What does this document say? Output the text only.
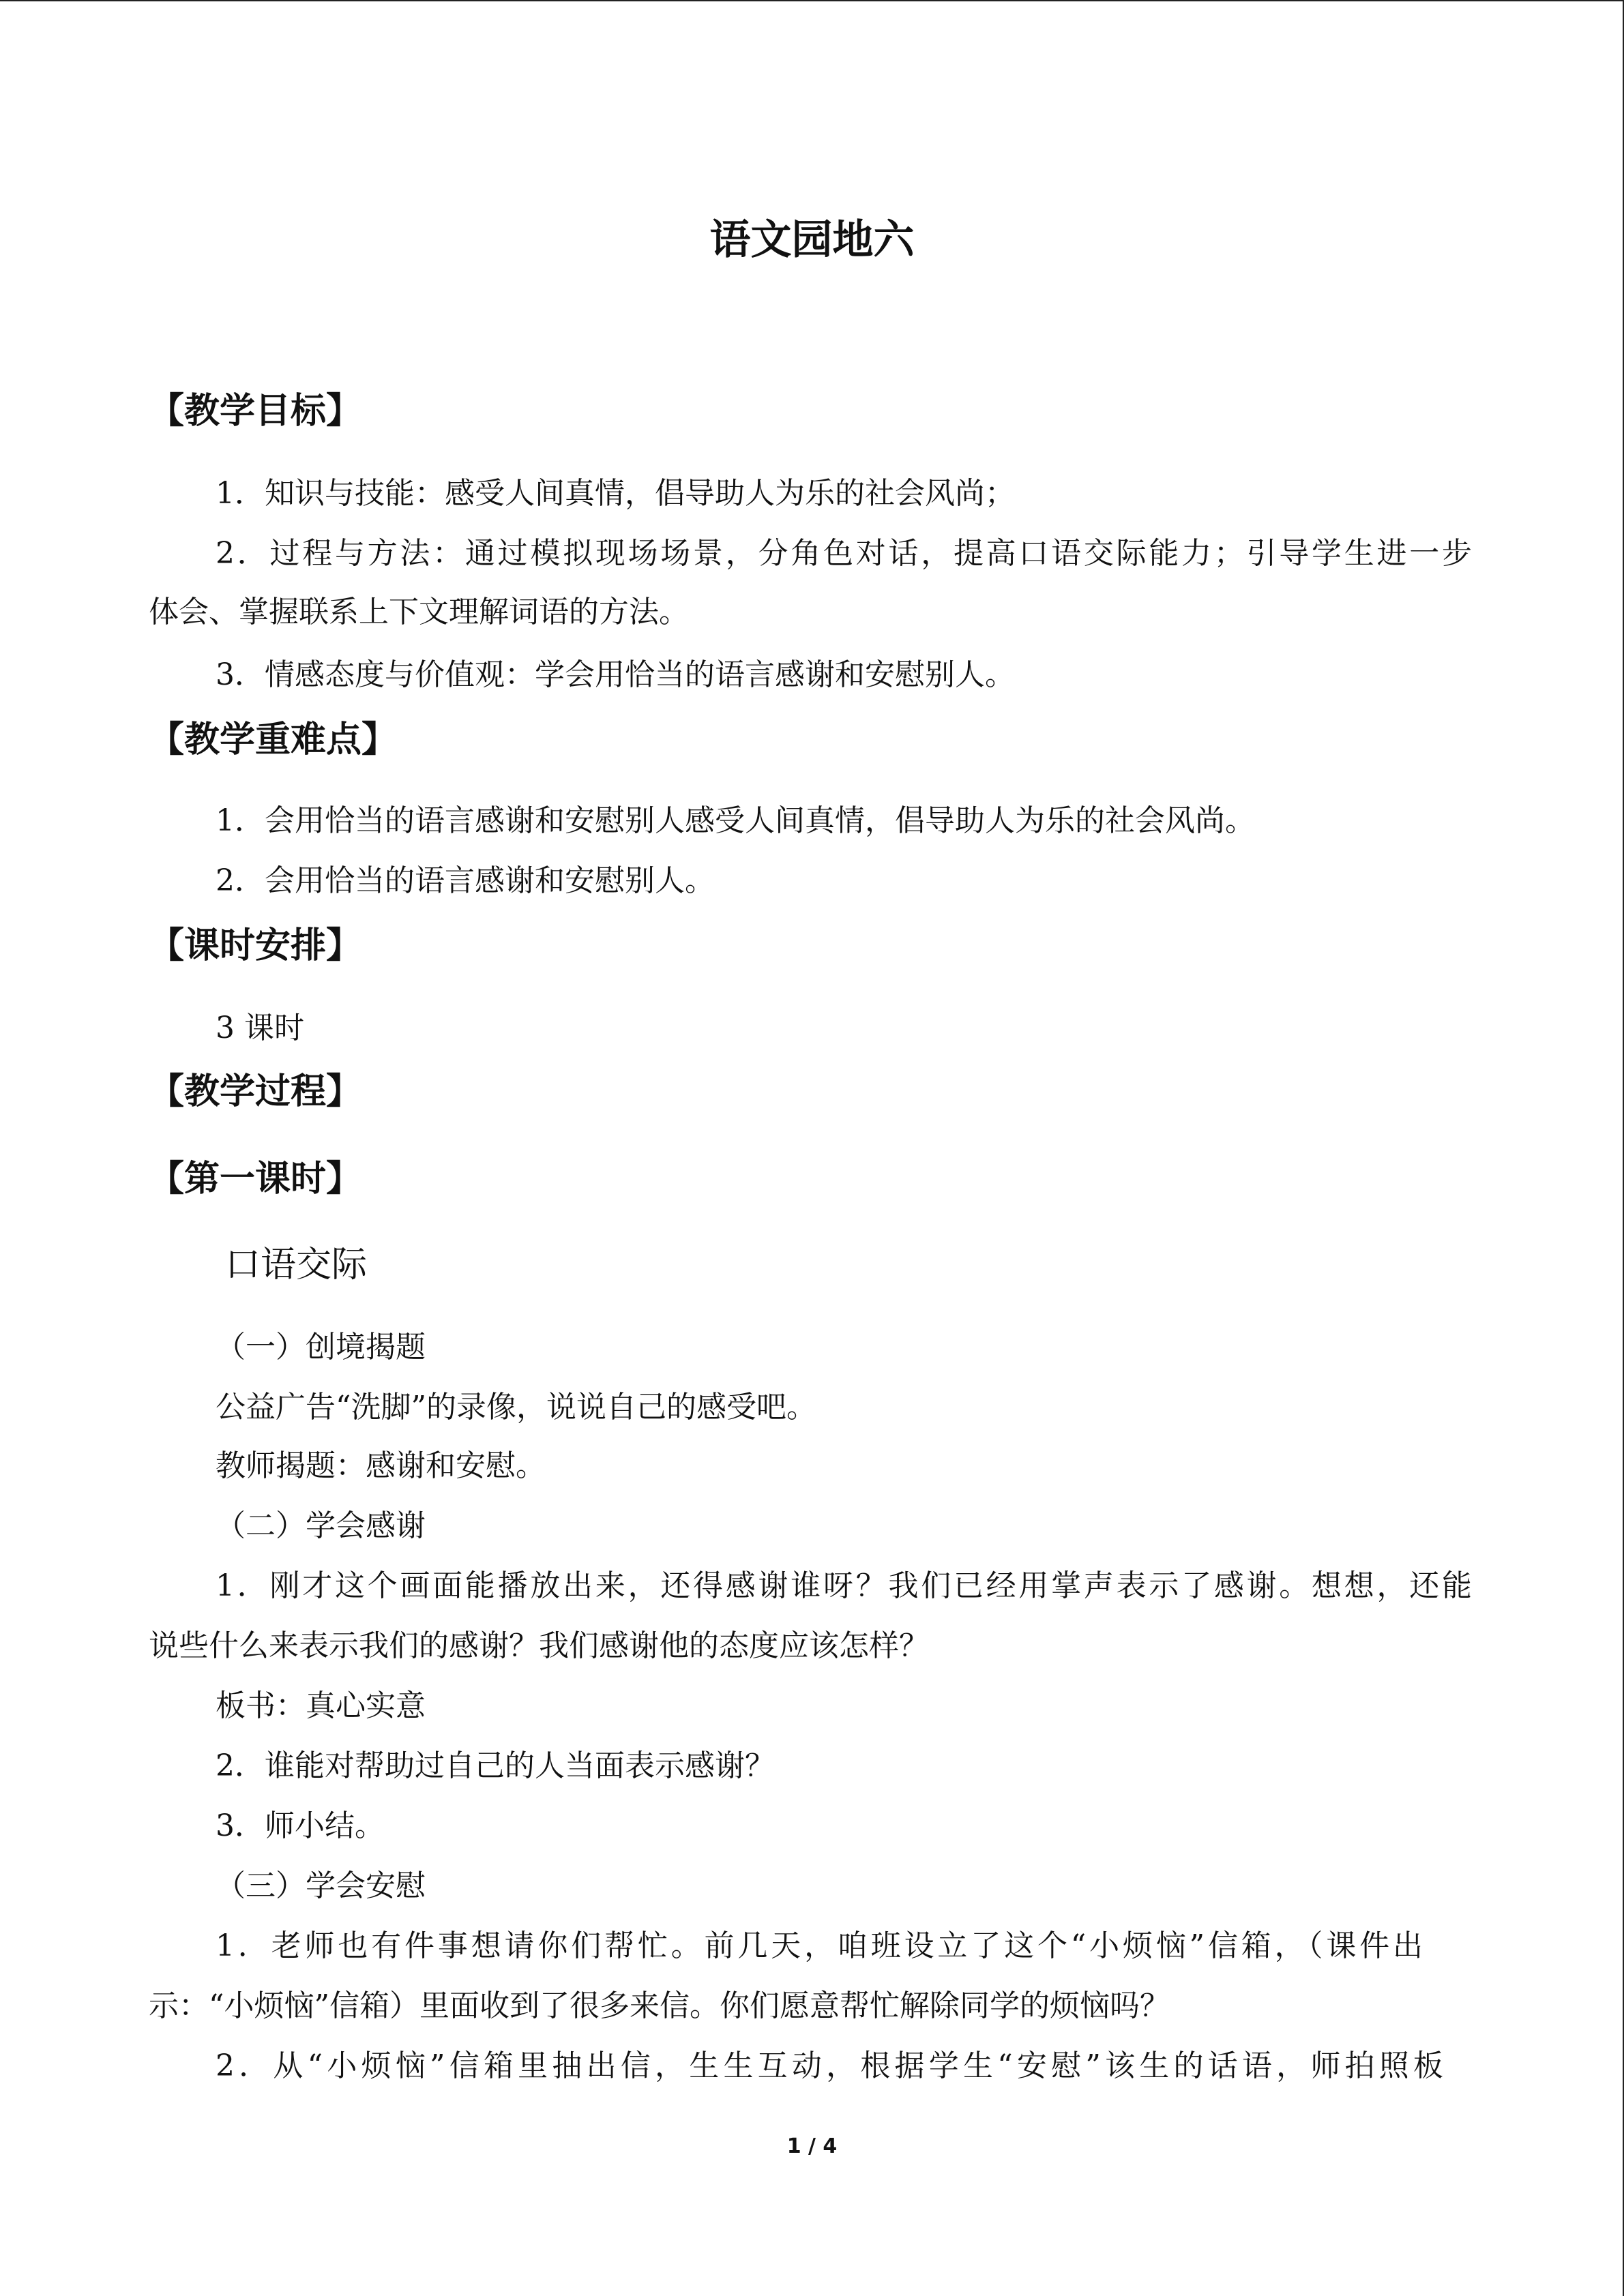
语文园地六
【教学目标】
1．知识与技能：感受人间真情，倡导助人为乐的社会风尚；
2．过程与方法：通过模拟现场场景，分角色对话，提高口语交际能力；引导学生进一步
体会、掌握联系上下文理解词语的方法。
3．情感态度与价值观：学会用恰当的语言感谢和安慰别人。
【教学重难点】
1．会用恰当的语言感谢和安慰别人感受人间真情，倡导助人为乐的社会风尚。
2．会用恰当的语言感谢和安慰别人。
【课时安排】
3 课时
【教学过程】
【第一课时】
口语交际
（一）创境揭题
公益广告“洗脚”的录像，说说自己的感受吧。
教师揭题：感谢和安慰。
（二）学会感谢
1．刚才这个画面能播放出来，还得感谢谁呀？我们已经用掌声表示了感谢。想想，还能
说些什么来表示我们的感谢？我们感谢他的态度应该怎样？
板书：真心实意
2．谁能对帮助过自己的人当面表示感谢？
3．师小结。
（三）学会安慰
1．老师也有件事想请你们帮忙。前几天，咱班设立了这个“小烦恼”信箱，（课件出
示：“小烦恼”信箱）里面收到了很多来信。你们愿意帮忙解除同学的烦恼吗？
2．从“小烦恼”信箱里抽出信，生生互动，根据学生“安慰”该生的话语，师拍照板
1 / 4
